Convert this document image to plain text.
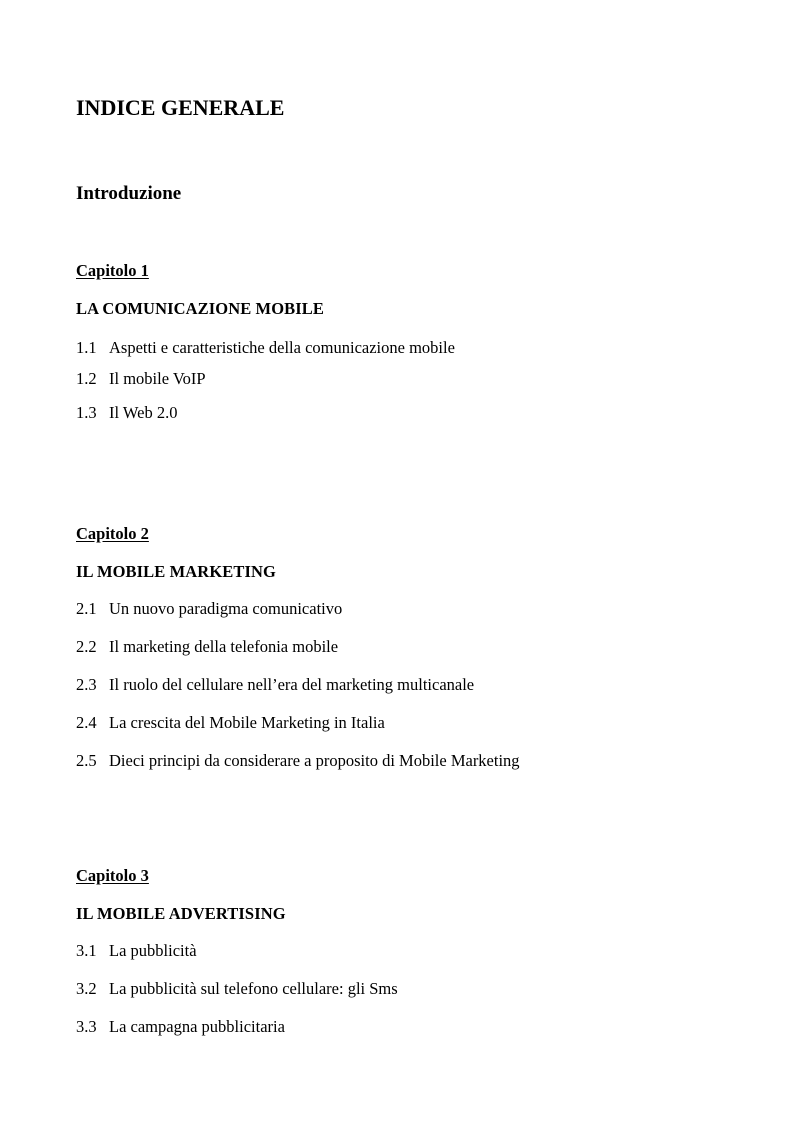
INDICE GENERALE
Introduzione
Capitolo 1
LA COMUNICAZIONE MOBILE
1.1 Aspetti e caratteristiche della comunicazione mobile
1.2 Il mobile VoIP
1.3 Il Web 2.0
Capitolo 2
IL MOBILE MARKETING
2.1 Un nuovo paradigma comunicativo
2.2 Il marketing della telefonia mobile
2.3 Il ruolo del cellulare nell’era del marketing multicanale
2.4 La crescita del Mobile Marketing in Italia
2.5 Dieci principi da considerare a proposito di Mobile Marketing
Capitolo 3
IL MOBILE ADVERTISING
3.1 La pubblicità
3.2 La pubblicità sul telefono cellulare: gli Sms
3.3 La campagna pubblicitaria
